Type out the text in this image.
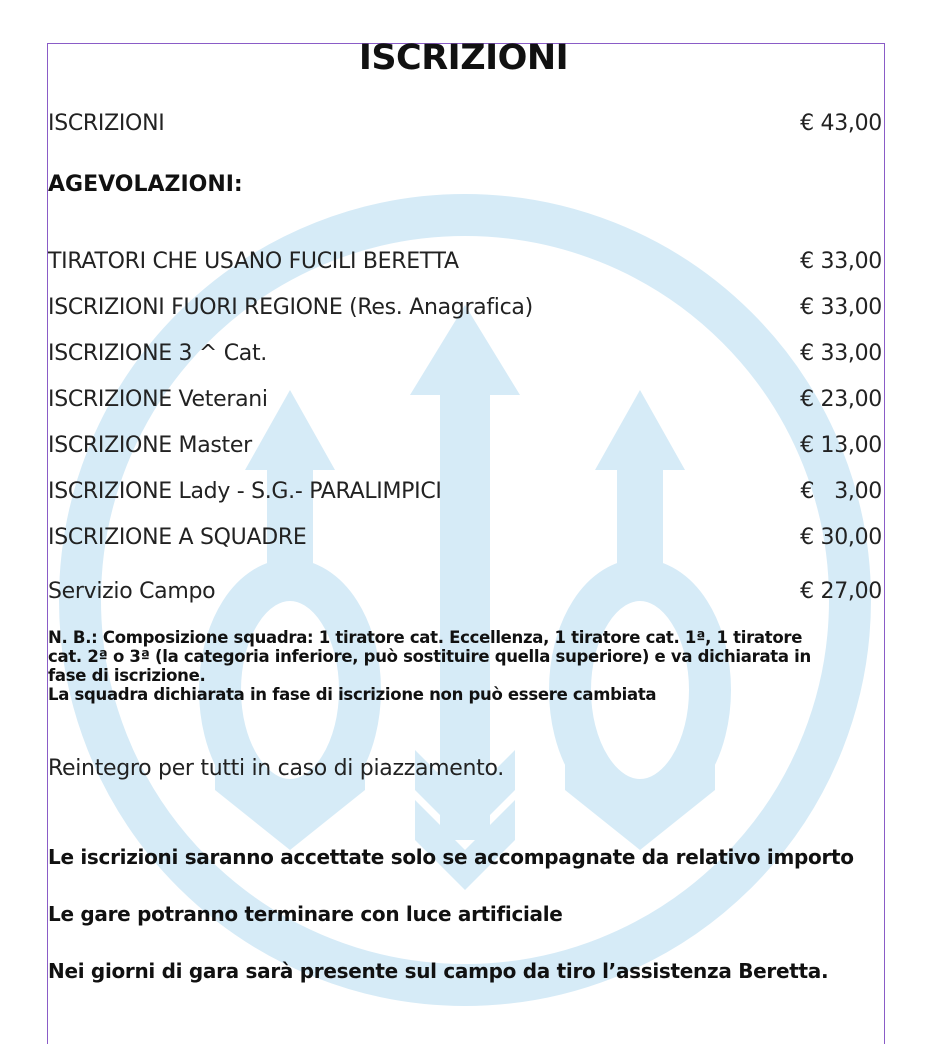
ISCRIZIONI
ISCRIZIONI	€ 43,00
AGEVOLAZIONI:
TIRATORI CHE USANO FUCILI BERETTA	€ 33,00
ISCRIZIONI FUORI REGIONE (Res. Anagrafica)	€ 33,00
ISCRIZIONE 3 ^ Cat.	€ 33,00
ISCRIZIONE Veterani	€ 23,00
ISCRIZIONE Master	€ 13,00
ISCRIZIONE Lady - S.G.- PARALIMPICI	€   3,00
ISCRIZIONE A SQUADRE	€ 30,00
Servizio Campo	€ 27,00
N. B.: Composizione squadra: 1 tiratore cat. Eccellenza, 1 tiratore cat. 1ª, 1 tiratore
cat. 2ª o 3ª (la categoria inferiore, può sostituire quella superiore) e va dichiarata in
fase di iscrizione.
La squadra dichiarata in fase di iscrizione non può essere cambiata
Reintegro per tutti in caso di piazzamento.
Le iscrizioni saranno accettate solo se accompagnate da relativo importo
Le gare potranno terminare con luce artificiale
Nei giorni di gara sarà presente sul campo da tiro l’assistenza Beretta.
